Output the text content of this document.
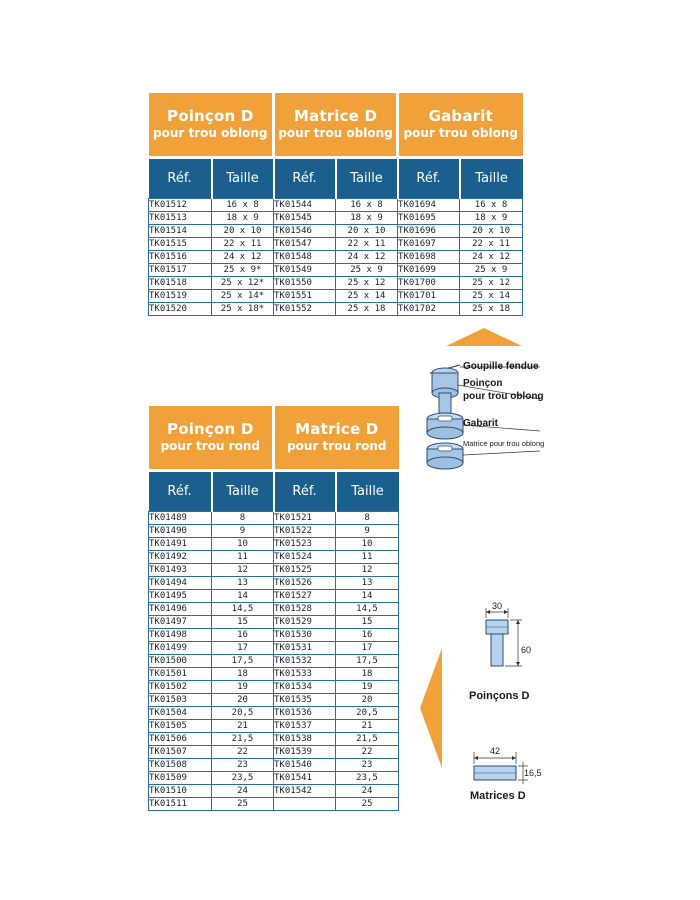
Poinçon D
pour trou oblong		Matrice D
pour trou oblong		Gabarit
pour trou oblong	

Réf.	Taille	Réf.	Taille	Réf.	Taille
TK01512	16 x 8	TK01544	16 x 8	TK01694	16 x 8
TK01513	18 x 9	TK01545	18 x 9	TK01695	18 x 9
TK01514	20 x 10	TK01546	20 x 10	TK01696	20 x 10
TK01515	22 x 11	TK01547	22 x 11	TK01697	22 x 11
TK01516	24 x 12	TK01548	24 x 12	TK01698	24 x 12
TK01517	25 x 9*	TK01549	25 x 9	TK01699	25 x 9
TK01518	25 x 12*	TK01550	25 x 12	TK01700	25 x 12
TK01519	25 x 14*	TK01551	25 x 14	TK01701	25 x 14
TK01520	25 x 18*	TK01552	25 x 18	TK01702	25 x 18
Goupille fendue
Poinçon
pour trou oblong
Gabarit
Matrice pour trou oblong
Poinçon D
pour trou rond		Matrice D
pour trou rond	

Réf.	Taille	Réf.	Taille
TK01489	8	TK01521	8
TK01490	9	TK01522	9
TK01491	10	TK01523	10
TK01492	11	TK01524	11
TK01493	12	TK01525	12
TK01494	13	TK01526	13
TK01495	14	TK01527	14
TK01496	14,5	TK01528	14,5
TK01497	15	TK01529	15
TK01498	16	TK01530	16
TK01499	17	TK01531	17
TK01500	17,5	TK01532	17,5
TK01501	18	TK01533	18
TK01502	19	TK01534	19
TK01503	20	TK01535	20
TK01504	20,5	TK01536	20,5
TK01505	21	TK01537	21
TK01506	21,5	TK01538	21,5
TK01507	22	TK01539	22
TK01508	23	TK01540	23
TK01509	23,5	TK01541	23,5
TK01510	24	TK01542	24
TK01511	25		25
30
60
Poinçons D
42
16,5
Matrices D
